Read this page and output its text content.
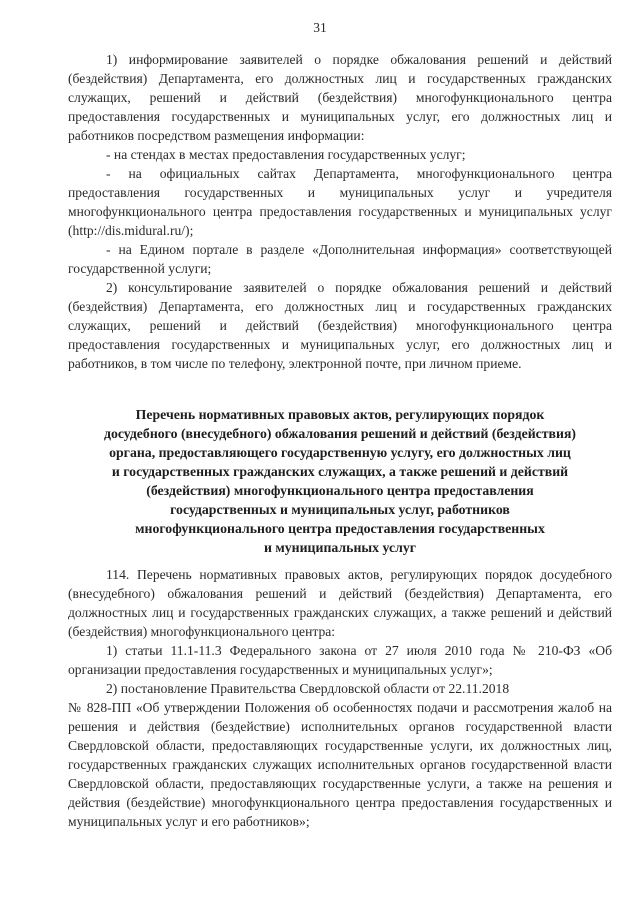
31

1) информирование заявителей о порядке обжалования решений и действий (бездействия) Департамента, его должностных лиц и государственных гражданских служащих, решений и действий (бездействия) многофункционального центра предоставления государственных и муниципальных услуг, его должностных лиц и работников посредством размещения информации:

- на стендах в местах предоставления государственных услуг;

- на официальных сайтах Департамента, многофункционального центра предоставления государственных и муниципальных услуг и учредителя многофункционального центра предоставления государственных и муниципальных услуг (http://dis.midural.ru/);

- на Едином портале в разделе «Дополнительная информация» соответствующей государственной услуги;

2) консультирование заявителей о порядке обжалования решений и действий (бездействия) Департамента, его должностных лиц и государственных гражданских служащих, решений и действий (бездействия) многофункционального центра предоставления государственных и муниципальных услуг, его должностных лиц и работников, в том числе по телефону, электронной почте, при личном приеме.

Перечень нормативных правовых актов, регулирующих порядок

досудебного (внесудебного) обжалования решений и действий (бездействия)

органа, предоставляющего государственную услугу, его должностных лиц

и государственных гражданских служащих, а также решений и действий

(бездействия) многофункционального центра предоставления

государственных и муниципальных услуг, работников

многофункционального центра предоставления государственных

и муниципальных услуг

114. Перечень нормативных правовых актов, регулирующих порядок досудебного (внесудебного) обжалования решений и действий (бездействия) Департамента, его должностных лиц и государственных гражданских служащих, а также решений и действий (бездействия) многофункционального центра:

1) статьи 11.1-11.3 Федерального закона от 27 июля 2010 года № 210-ФЗ «Об организации предоставления государственных и муниципальных услуг»;

2) постановление Правительства Свердловской области от 22.11.2018

№ 828-ПП «Об утверждении Положения об особенностях подачи и рассмотрения жалоб на решения и действия (бездействие) исполнительных органов государственной власти Свердловской области, предоставляющих государственные услуги, их должностных лиц, государственных гражданских служащих исполнительных органов государственной власти Свердловской области, предоставляющих государственные услуги, а также на решения и действия (бездействие) многофункционального центра предоставления государственных и муниципальных услуг и его работников»;
